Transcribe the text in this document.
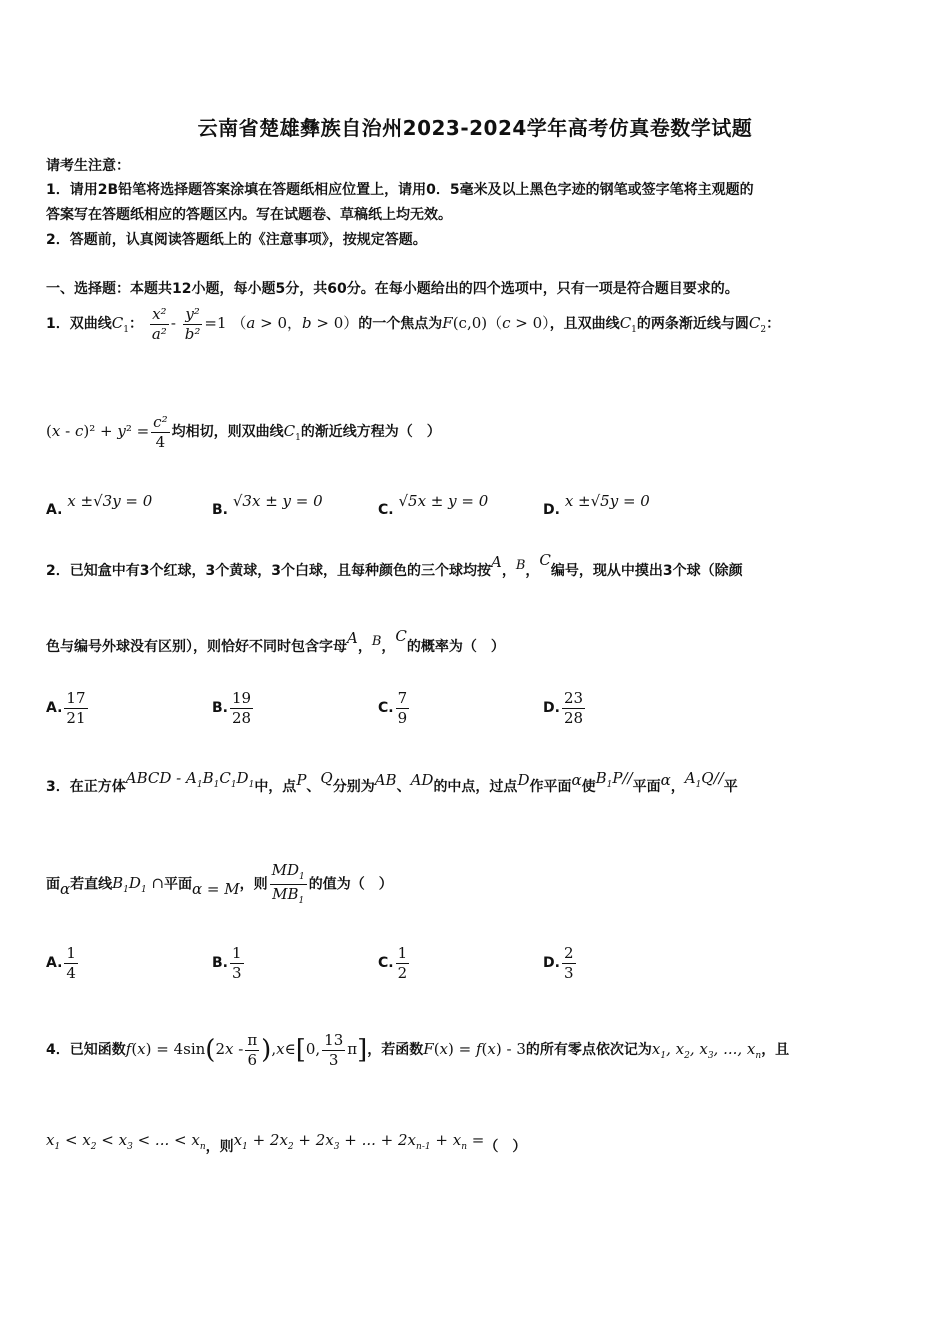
云南省楚雄彝族自治州2023-2024学年高考仿真卷数学试题
请考生注意：
1．请用2B铅笔将选择题答案涂填在答题纸相应位置上，请用0．5毫米及以上黑色字迹的钢笔或签字笔将主观题的
答案写在答题纸相应的答题区内。写在试题卷、草稿纸上均无效。
2．答题前，认真阅读答题纸上的《注意事项》，按规定答题。
一、选择题：本题共12小题，每小题5分，共60分。在每小题给出的四个选项中，只有一项是符合题目要求的。
1．双曲线$C_1$： $\frac{\text{x²}}{\text{a²}} - \frac{\text{y²}}{\text{b²}} =1$ （a > 0，b > 0）的一个焦点为F(c,0)（c > 0），且双曲线$C_1$的两条渐近线与圆$C_2$：
$(x - c)^2 + y^2 = \frac{\text{c²}}{4}$ 均相切，则双曲线$C_1$的渐近线方程为（　）
A. x ±√3y = 0	B. √3x ± y = 0	C. √5x ± y = 0	D. x ±√5y = 0
2．已知盒中有3个红球，3个黄球，3个白球，且每种颜色的三个球均按A，B，C编号，现从中摸出3个球（除颜
色与编号外球没有区别），则恰好不同时包含字母A，B，C的概率为（　）
A. $\frac{17}{21}$	B. $\frac{19}{28}$	C. $\frac{7}{9}$	D. $\frac{23}{28}$
3．在正方体ABCD - $A_1B_1C_1D_1$中，点P、Q分别为AB、AD的中点，过点D作平面α使$B_1P//$平面α，$A_1Q//$平
面α若直线$B_1D_1$ ∩平面α = M，则 $\frac{MD_1}{MB_1}$ 的值为（　）
A. $\frac{1}{4}$	B. $\frac{1}{3}$	C. $\frac{1}{2}$	D. $\frac{2}{3}$
4．已知函数$f(x) = 4\sin(2x - \frac{\pi}{6}$ ),x∈[0, $\frac{13}{3} \pi$]，若函数F(x) = f(x) - 3的所有零点依次记为$x_1$, $x_2$, $x_3$, ..., $x_n$，且
$x_1 < x_2 < x_3$ < ... < $x_n$，则$x_1 + 2x_2 + 2x_3$ + ... + $2x_{n-1} + x_n$ =（　）
